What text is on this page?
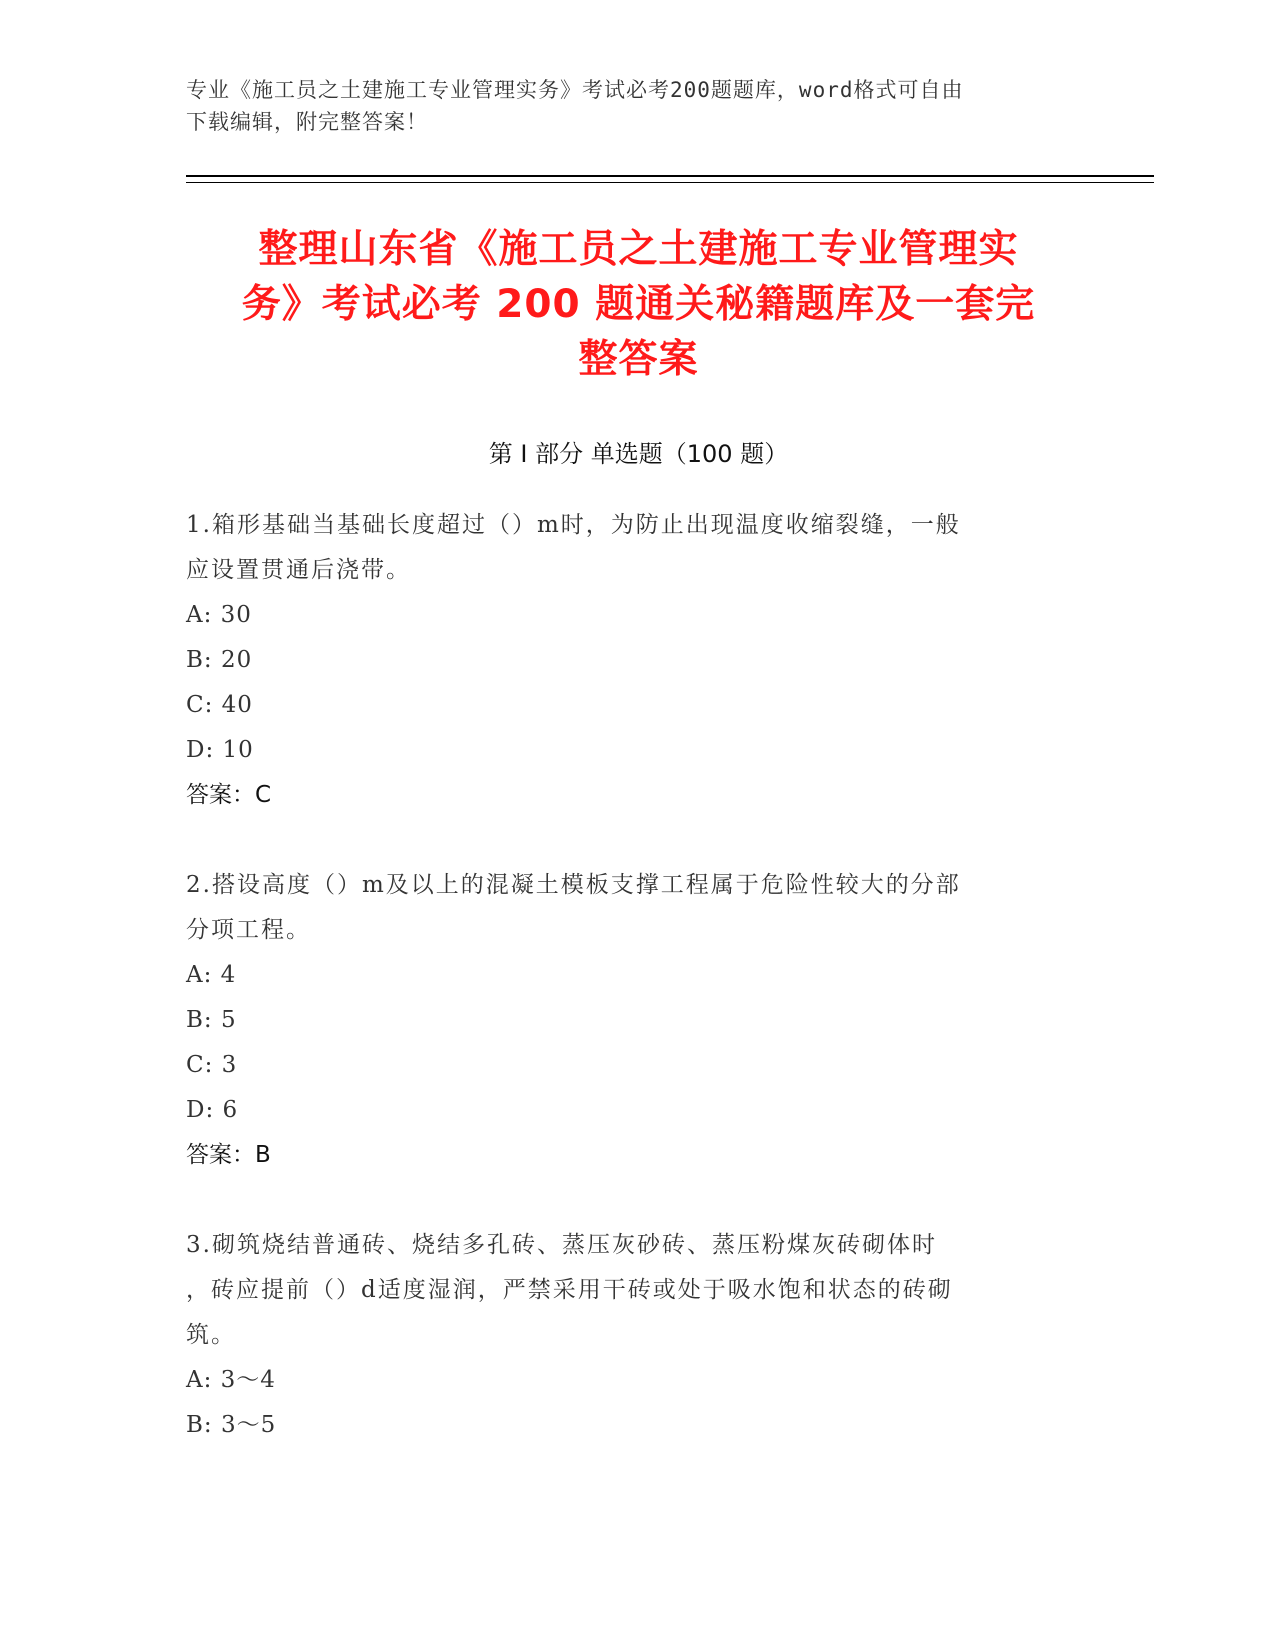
专业《施工员之土建施工专业管理实务》考试必考200题题库，word格式可自由
下载编辑，附完整答案！
整理山东省《施工员之土建施工专业管理实
务》考试必考 200 题通关秘籍题库及一套完
整答案
第 I 部分 单选题（100 题）

1.箱形基础当基础长度超过（）m时，为防止出现温度收缩裂缝，一般

应设置贯通后浇带。

A: 30

B: 20

C: 40

D: 10

答案：C

2.搭设高度（）m及以上的混凝土模板支撑工程属于危险性较大的分部

分项工程。

A: 4

B: 5

C: 3

D: 6

答案：B

3.砌筑烧结普通砖、烧结多孔砖、蒸压灰砂砖、蒸压粉煤灰砖砌体时

，砖应提前（）d适度湿润，严禁采用干砖或处于吸水饱和状态的砖砌

筑。

A: 3～4

B: 3～5
